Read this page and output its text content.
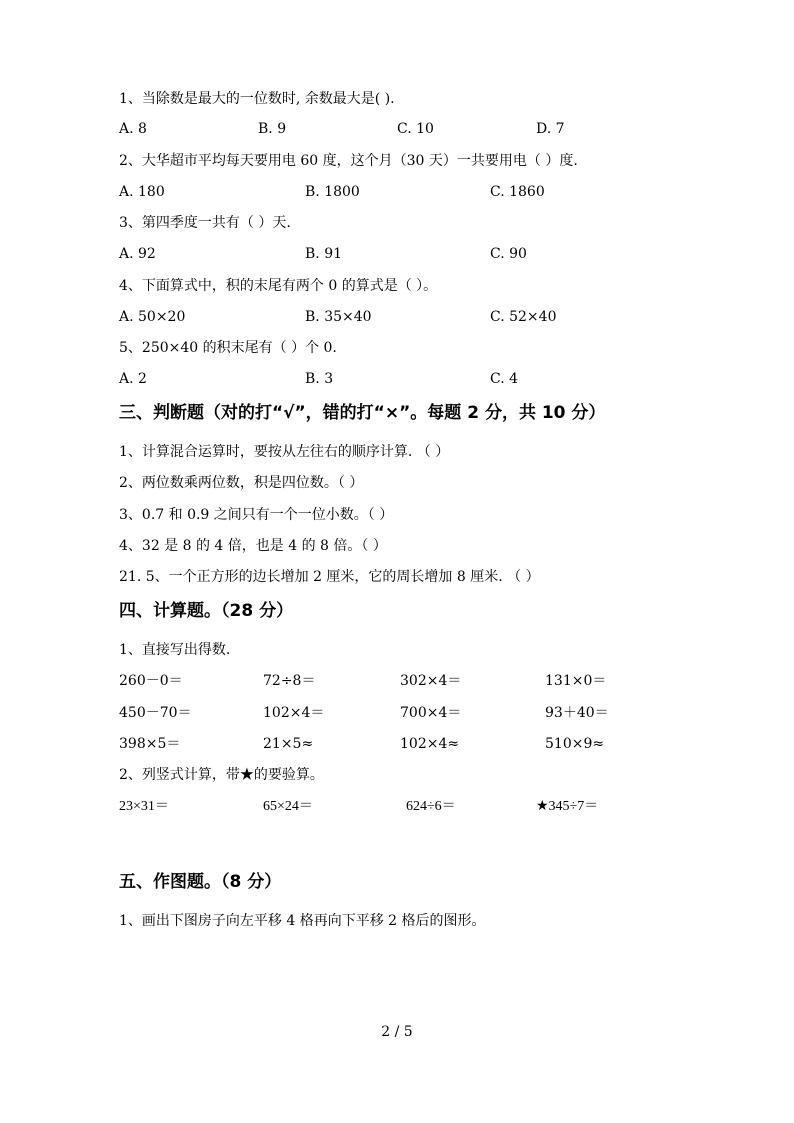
1、当除数是最大的一位数时, 余数最大是( ).
A. 8	B. 9	C. 10	D. 7
2、大华超市平均每天要用电 60 度，这个月（30 天）一共要用电（ ）度.
A. 180	B. 1800	C. 1860
3、第四季度一共有（ ）天.
A. 92	B. 91	C. 90
4、下面算式中，积的末尾有两个 0 的算式是（ ）。
A. 50×20	B. 35×40	C. 52×40
5、250×40 的积末尾有（ ）个 0.
A. 2	B. 3	C. 4
三、判断题（对的打“√”，错的打“×”。每题 2 分，共 10 分）
1、计算混合运算时，要按从左往右的顺序计算. （ ）
2、两位数乘两位数，积是四位数。（ ）
3、0.7 和 0.9 之间只有一个一位小数。（ ）
4、32 是 8 的 4 倍，也是 4 的 8 倍。（ ）
21. 5、一个正方形的边长增加 2 厘米，它的周长增加 8 厘米. （ ）
四、计算题。（28 分）
1、直接写出得数.
260－0＝	72÷8＝	302×4＝	131×0＝
450－70＝	102×4＝	700×4＝	93＋40＝
398×5＝	21×5≈	102×4≈	510×9≈
2、列竖式计算，带★的要验算。
23×31＝	65×24＝	624÷6＝	★345÷7＝
五、作图题。（8 分）
1、画出下图房子向左平移 4 格再向下平移 2 格后的图形。
2 / 5
